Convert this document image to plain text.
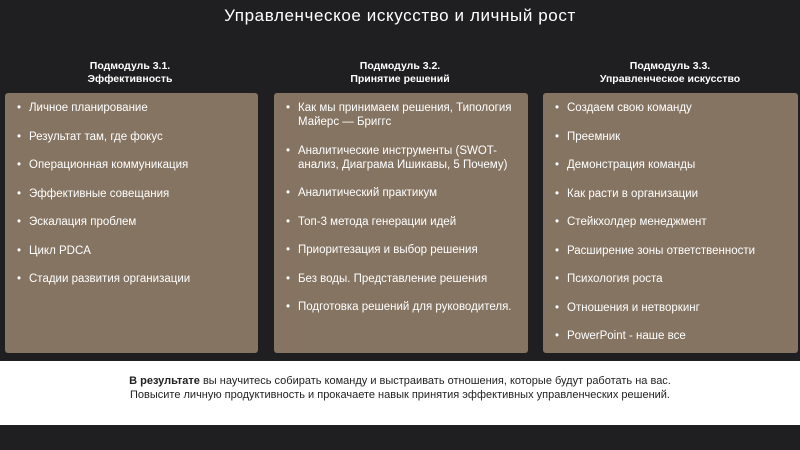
Управленческое искусство и личный рост
Подмодуль 3.1.
Эффективность
Подмодуль 3.2.
Принятие решений
Подмодуль 3.3.
Управленческое искусство
• Личное планирование
• Результат там, где фокус
• Операционная коммуникация
• Эффективные совещания
• Эскалация проблем
• Цикл PDCA
• Стадии развития организации
• Как мы принимаем решения, Типология Майерс — Бриггс
• Аналитические инструменты (SWOT-анализ, Диаграма Ишикавы, 5 Почему)
• Аналитический практикум
• Топ-3 метода генерации идей
• Приоритезация и выбор решения
• Без воды. Представление решения
• Подготовка решений для руководителя.
• Создаем свою команду
• Преемник
• Демонстрация команды
• Как расти в организации
• Стейкхолдер менеджмент
• Расширение зоны ответственности
• Психология роста
• Отношения и нетворкинг
• PowerPoint - наше все
В результате вы научитесь собирать команду и выстраивать отношения, которые будут работать на вас.
Повысите личную продуктивность и прокачаете навык принятия эффективных управленческих решений.
